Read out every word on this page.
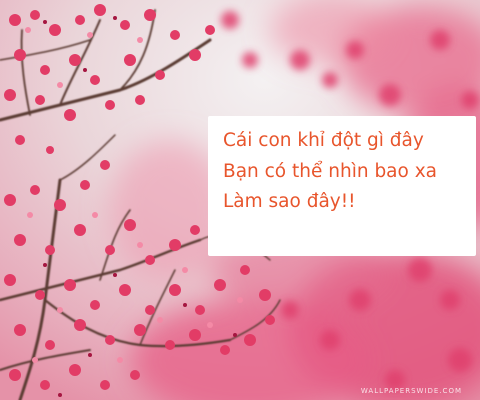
Cái con khỉ đột gì đây
Bạn có thể nhìn bao xa
Làm sao đây!!
WALLPAPERSWIDE.COM
